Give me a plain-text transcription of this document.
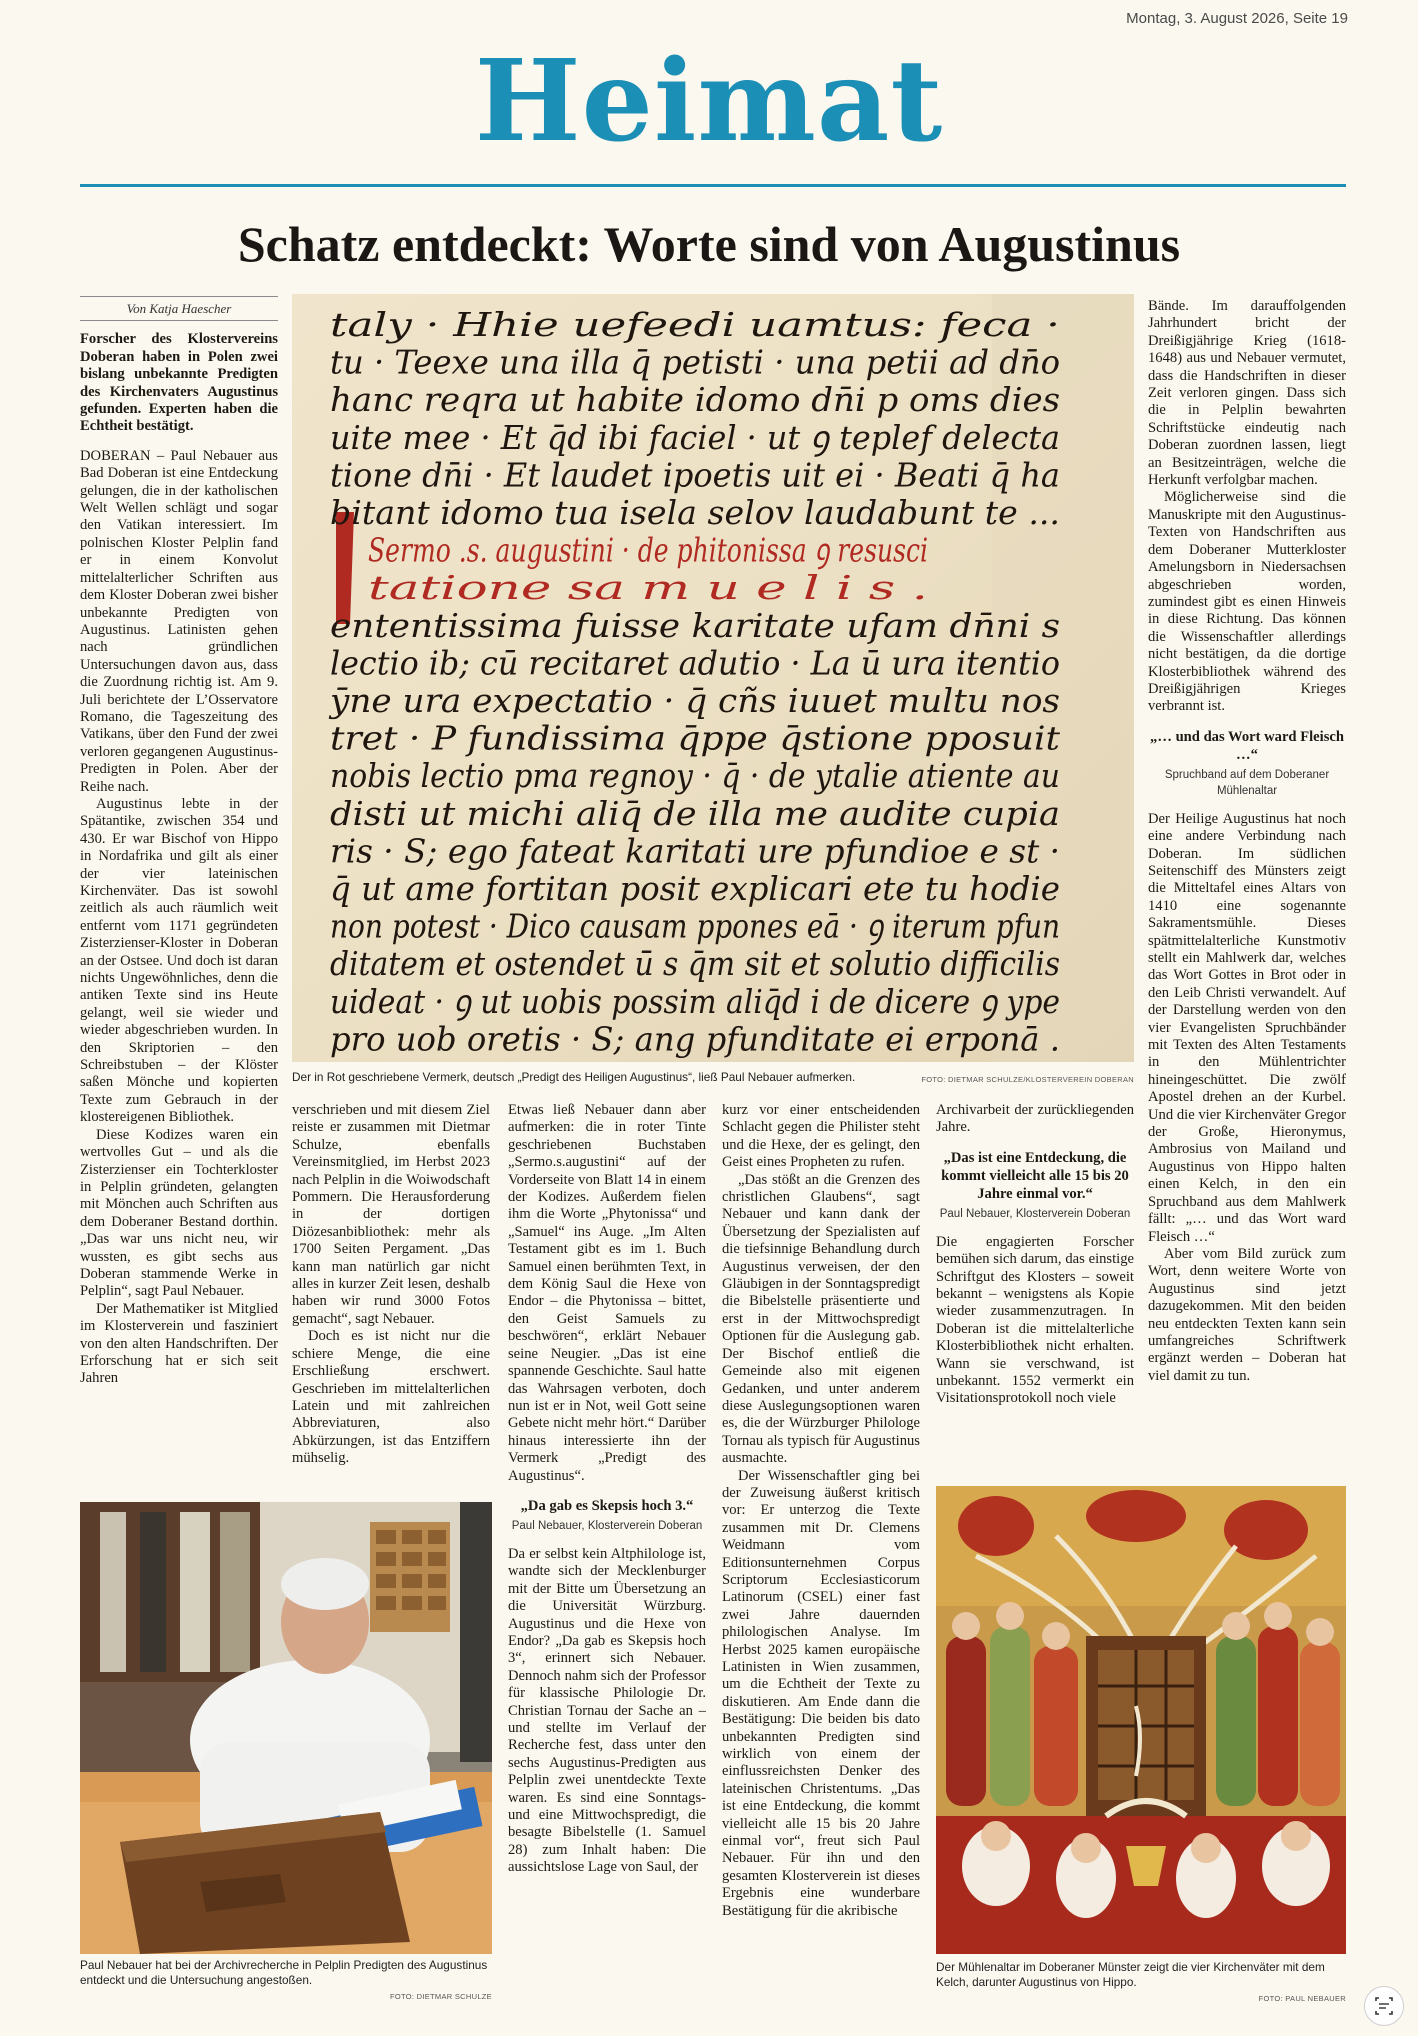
Montag, 3. August 2026, Seite 19
Heimat
Schatz entdeckt: Worte sind von Augustinus
Von Katja Haescher

Forscher des Klostervereins Doberan haben in Polen zwei bislang unbekannte Predigten des Kirchenvaters Augustinus gefunden. Experten haben die Echtheit bestätigt.

DOBERAN – Paul Nebauer aus Bad Doberan ist eine Entdeckung gelungen, die in der katholischen Welt Wellen schlägt und sogar den Vatikan interessiert. Im polnischen Kloster Pelplin fand er in einem Konvolut mittelalterlicher Schriften aus dem Kloster Doberan zwei bisher unbekannte Predigten von Augustinus. Latinisten gehen nach gründlichen Untersuchungen davon aus, dass die Zuordnung richtig ist. Am 9. Juli berichtete der L’Osservatore Romano, die Tageszeitung des Vatikans, über den Fund der zwei verloren gegangenen Augustinus-Predigten in Polen. Aber der Reihe nach.

Augustinus lebte in der Spätantike, zwischen 354 und 430. Er war Bischof von Hippo in Nordafrika und gilt als einer der vier lateinischen Kirchenväter. Das ist sowohl zeitlich als auch räumlich weit entfernt vom 1171 gegründeten Zisterzienser-Kloster in Doberan an der Ostsee. Und doch ist daran nichts Ungewöhnliches, denn die antiken Texte sind ins Heute gelangt, weil sie wieder und wieder abgeschrieben wurden. In den Skriptorien – den Schreibstuben – der Klöster saßen Mönche und kopierten Texte zum Gebrauch in der klostereigenen Bibliothek.

Diese Kodizes waren ein wertvolles Gut – und als die Zisterzienser ein Tochterkloster in Pelplin gründeten, gelangten mit Mönchen auch Schriften aus dem Doberaner Bestand dorthin. „Das war uns nicht neu, wir wussten, es gibt sechs aus Doberan stammende Werke in Pelplin“, sagt Paul Nebauer.

Der Mathematiker ist Mitglied im Klosterverein und fasziniert von den alten Handschriften. Der Erforschung hat er sich seit Jahren

taly · Hhie uefeedi uamtus: feca ·
tu · Teexe una illa q̄ petisti · una petii ad dn̄o
hanc reqra ut habite idomo dn̄i p oms dies
uite mee · Et q̄d ibi faciel · ut ꝯ teplef delecta
tione dn̄i · Et laudet ipoetis uit ei · Beati q̄ ha
bitant idomo tua isela selov laudabunt te ...
Sermo .s. augustini · de phitonissa ꝯ resusci
tatione sa m u e l i s .
ententissima fuisse karitate ufam dn̄ni s
lectio ib; cū recitaret adutio · La ū ura itentio
ȳne ura expectatio · q̄ cñs iuuet multu nos
tret · P fundissima q̄ppe q̄stione pposuit
nobis lectio pma regnoy · q̄ · de ytalie atiente au
disti ut michi aliq̄ de illa me audite cupia
ris · S; ego fateat karitati ure pfundioe e st ·
q̄ ut ame fortitan posit explicari ete tu hodie
non potest · Dico causam ppones eā · ꝯ iterum pfun
ditatem et ostendet ū̄ s q̄m sit et solutio difficilis
uideat · ꝯ ut uobis possim aliq̄d i de dicere ꝯ ype
pro uob oretis · S; ang pfunditate ei erponā .
Der in Rot geschriebene Vermerk, deutsch „Predigt des Heiligen Augustinus“, ließ Paul Nebauer aufmerken.	FOTO: DIETMAR SCHULZE/KLOSTERVEREIN DOBERAN

verschrieben und mit diesem Ziel reiste er zusammen mit Dietmar Schulze, ebenfalls Vereinsmitglied, im Herbst 2023 nach Pelplin in die Woiwodschaft Pommern. Die Herausforderung in der dortigen Diözesanbibliothek: mehr als 1700 Seiten Pergament. „Das kann man natürlich gar nicht alles in kurzer Zeit lesen, deshalb haben wir rund 3000 Fotos gemacht“, sagt Nebauer.

Doch es ist nicht nur die schiere Menge, die eine Erschließung erschwert. Geschrieben im mittelalterlichen Latein und mit zahlreichen Abbreviaturen, also Abkürzungen, ist das Entziffern mühselig.

Etwas ließ Nebauer dann aber aufmerken: die in roter Tinte geschriebenen Buchstaben „Sermo.s.augustini“ auf der Vorderseite von Blatt 14 in einem der Kodizes. Außerdem fielen ihm die Worte „Phytonissa“ und „Samuel“ ins Auge. „Im Alten Testament gibt es im 1. Buch Samuel einen berühmten Text, in dem König Saul die Hexe von Endor – die Phytonissa – bittet, den Geist Samuels zu beschwören“, erklärt Nebauer seine Neugier. „Das ist eine spannende Geschichte. Saul hatte das Wahrsagen verboten, doch nun ist er in Not, weil Gott seine Gebete nicht mehr hört.“ Darüber hinaus interessierte ihn der Vermerk „Predigt des Augustinus“.

„Da gab es Skepsis hoch 3.“
Paul Nebauer, Klosterverein Doberan

Da er selbst kein Altphilologe ist, wandte sich der Mecklenburger mit der Bitte um Übersetzung an die Universität Würzburg. Augustinus und die Hexe von Endor? „Da gab es Skepsis hoch 3“, erinnert sich Nebauer. Dennoch nahm sich der Professor für klassische Philologie Dr. Christian Tornau der Sache an – und stellte im Verlauf der Recherche fest, dass unter den sechs Augustinus-Predigten aus Pelplin zwei unentdeckte Texte waren. Es sind eine Sonntags- und eine Mittwochspredigt, die besagte Bibelstelle (1. Samuel 28) zum Inhalt haben: Die aussichtslose Lage von Saul, der

kurz vor einer entscheidenden Schlacht gegen die Philister steht und die Hexe, der es gelingt, den Geist eines Propheten zu rufen.

„Das stößt an die Grenzen des christlichen Glaubens“, sagt Nebauer und kann dank der Übersetzung der Spezialisten auf die tiefsinnige Behandlung durch Augustinus verweisen, der den Gläubigen in der Sonntagspredigt die Bibelstelle präsentierte und erst in der Mittwochspredigt Optionen für die Auslegung gab. Der Bischof entließ die Gemeinde also mit eigenen Gedanken, und unter anderem diese Auslegungsoptionen waren es, die der Würzburger Philologe Tornau als typisch für Augustinus ausmachte.

Der Wissenschaftler ging bei der Zuweisung äußerst kritisch vor: Er unterzog die Texte zusammen mit Dr. Clemens Weidmann vom Editionsunternehmen Corpus Scriptorum Ecclesiasticorum Latinorum (CSEL) einer fast zwei Jahre dauernden philologischen Analyse. Im Herbst 2025 kamen europäische Latinisten in Wien zusammen, um die Echtheit der Texte zu diskutieren. Am Ende dann die Bestätigung: Die beiden bis dato unbekannten Predigten sind wirklich von einem der einflussreichsten Denker des lateinischen Christentums. „Das ist eine Entdeckung, die kommt vielleicht alle 15 bis 20 Jahre einmal vor“, freut sich Paul Nebauer. Für ihn und den gesamten Klosterverein ist dieses Ergebnis eine wunderbare Bestätigung für die akribische

Archivarbeit der zurückliegenden Jahre.

„Das ist eine Entdeckung, die kommt vielleicht alle 15 bis 20 Jahre einmal vor.“
Paul Nebauer, Klosterverein Doberan

Die engagierten Forscher bemühen sich darum, das einstige Schriftgut des Klosters – soweit bekannt – wenigstens als Kopie wieder zusammenzutragen. In Doberan ist die mittelalterliche Klosterbibliothek nicht erhalten. Wann sie verschwand, ist unbekannt. 1552 vermerkt ein Visitationsprotokoll noch viele

Bände. Im darauffolgenden Jahrhundert bricht der Dreißigjährige Krieg (1618-1648) aus und Nebauer vermutet, dass die Handschriften in dieser Zeit verloren gingen. Dass sich die in Pelplin bewahrten Schriftstücke eindeutig nach Doberan zuordnen lassen, liegt an Besitzeinträgen, welche die Herkunft verfolgbar machen.

Möglicherweise sind die Manuskripte mit den Augustinus-Texten von Handschriften aus dem Doberaner Mutterkloster Amelungsborn in Niedersachsen abgeschrieben worden, zumindest gibt es einen Hinweis in diese Richtung. Das können die Wissenschaftler allerdings nicht bestätigen, da die dortige Klosterbibliothek während des Dreißigjährigen Krieges verbrannt ist.

„… und das Wort ward Fleisch …“
Spruchband auf dem Doberaner Mühlenaltar

Der Heilige Augustinus hat noch eine andere Verbindung nach Doberan. Im südlichen Seitenschiff des Münsters zeigt die Mitteltafel eines Altars von 1410 eine sogenannte Sakramentsmühle. Dieses spätmittelalterliche Kunstmotiv stellt ein Mahlwerk dar, welches das Wort Gottes in Brot oder in den Leib Christi verwandelt. Auf der Darstellung werden von den vier Evangelisten Spruchbänder mit Texten des Alten Testaments in den Mühlentrichter hineingeschüttet. Die zwölf Apostel drehen an der Kurbel. Und die vier Kirchenväter Gregor der Große, Hieronymus, Ambrosius von Mailand und Augustinus von Hippo halten einen Kelch, in den ein Spruchband aus dem Mahlwerk fällt: „… und das Wort ward Fleisch …“

Aber vom Bild zurück zum Wort, denn weitere Worte von Augustinus sind jetzt dazugekommen. Mit den beiden neu entdeckten Texten kann sein umfangreiches Schriftwerk ergänzt werden – Doberan hat viel damit zu tun.

Paul Nebauer hat bei der Archivrecherche in Pelplin Predigten des Augustinus entdeckt und die Untersuchung angestoßen.
FOTO: DIETMAR SCHULZE
Der Mühlenaltar im Doberaner Münster zeigt die vier Kirchenväter mit dem Kelch, darunter Augustinus von Hippo.
FOTO: PAUL NEBAUER
